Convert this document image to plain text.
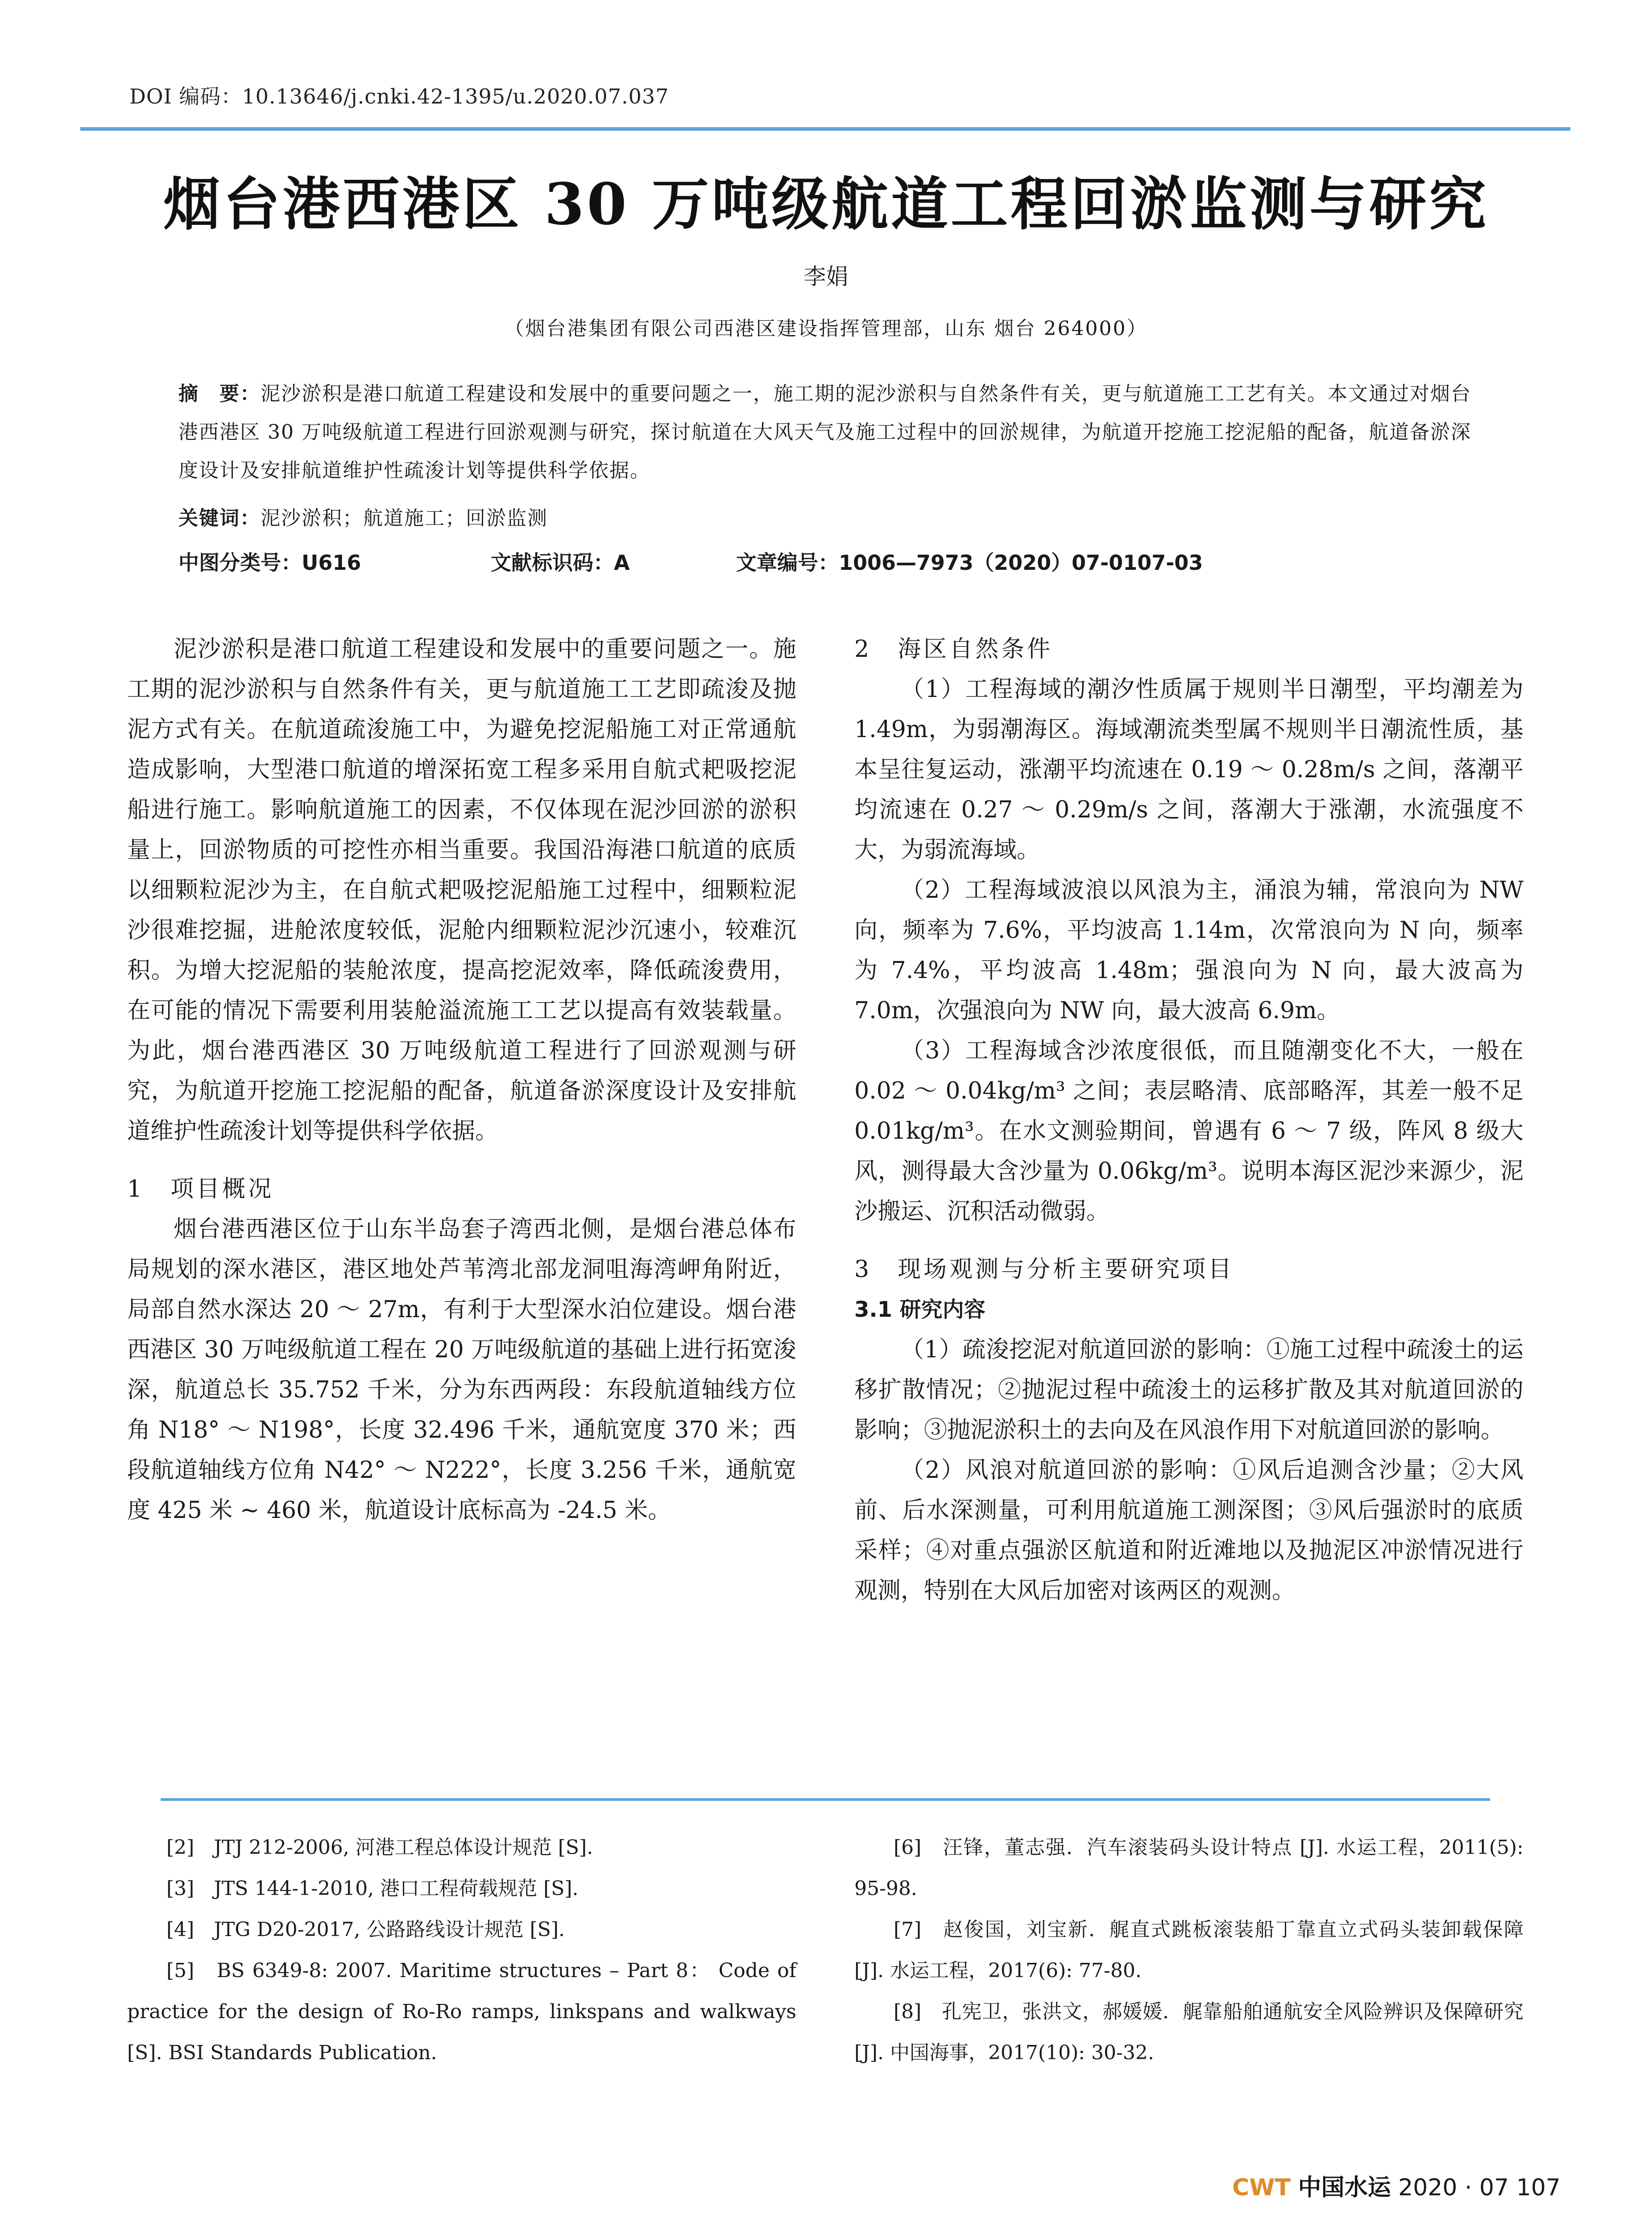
DOI 编码：10.13646/j.cnki.42-1395/u.2020.07.037
烟台港西港区 30 万吨级航道工程回淤监测与研究
李娟
（烟台港集团有限公司西港区建设指挥管理部，山东 烟台 264000）
摘　要：泥沙淤积是港口航道工程建设和发展中的重要问题之一，施工期的泥沙淤积与自然条件有关，更与航道施工工艺有关。本文通过对烟台港西港区 30 万吨级航道工程进行回淤观测与研究，探讨航道在大风天气及施工过程中的回淤规律，为航道开挖施工挖泥船的配备，航道备淤深度设计及安排航道维护性疏浚计划等提供科学依据。
关键词：泥沙淤积；航道施工；回淤监测
中图分类号：U616	文献标识码：A	文章编号：1006—7973（2020）07-0107-03

泥沙淤积是港口航道工程建设和发展中的重要问题之一。施工期的泥沙淤积与自然条件有关，更与航道施工工艺即疏浚及抛泥方式有关。在航道疏浚施工中，为避免挖泥船施工对正常通航造成影响，大型港口航道的增深拓宽工程多采用自航式耙吸挖泥船进行施工。影响航道施工的因素，不仅体现在泥沙回淤的淤积量上，回淤物质的可挖性亦相当重要。我国沿海港口航道的底质以细颗粒泥沙为主，在自航式耙吸挖泥船施工过程中，细颗粒泥沙很难挖掘，进舱浓度较低，泥舱内细颗粒泥沙沉速小，较难沉积。为增大挖泥船的装舱浓度，提高挖泥效率，降低疏浚费用，在可能的情况下需要利用装舱溢流施工工艺以提高有效装载量。为此，烟台港西港区 30 万吨级航道工程进行了回淤观测与研究，为航道开挖施工挖泥船的配备，航道备淤深度设计及安排航道维护性疏浚计划等提供科学依据。

1　项目概况

烟台港西港区位于山东半岛套子湾西北侧，是烟台港总体布局规划的深水港区，港区地处芦苇湾北部龙洞咀海湾岬角附近，局部自然水深达 20 ～ 27m，有利于大型深水泊位建设。烟台港西港区 30 万吨级航道工程在 20 万吨级航道的基础上进行拓宽浚深，航道总长 35.752 千米，分为东西两段：东段航道轴线方位角 N18° ～ N198°，长度 32.496 千米，通航宽度 370 米；西段航道轴线方位角 N42° ～ N222°，长度 3.256 千米，通航宽度 425 米 ~ 460 米，航道设计底标高为 -24.5 米。

2　海区自然条件

（1）工程海域的潮汐性质属于规则半日潮型，平均潮差为 1.49m，为弱潮海区。海域潮流类型属不规则半日潮流性质，基本呈往复运动，涨潮平均流速在 0.19 ～ 0.28m/s 之间，落潮平均流速在 0.27 ～ 0.29m/s 之间，落潮大于涨潮，水流强度不大，为弱流海域。

（2）工程海域波浪以风浪为主，涌浪为辅，常浪向为 NW 向，频率为 7.6%，平均波高 1.14m，次常浪向为 N 向，频率为 7.4%，平均波高 1.48m；强浪向为 N 向，最大波高为 7.0m，次强浪向为 NW 向，最大波高 6.9m。

（3）工程海域含沙浓度很低，而且随潮变化不大，一般在 0.02 ～ 0.04kg/m³ 之间；表层略清、底部略浑，其差一般不足 0.01kg/m³。在水文测验期间，曾遇有 6 ～ 7 级，阵风 8 级大风，测得最大含沙量为 0.06kg/m³。说明本海区泥沙来源少，泥沙搬运、沉积活动微弱。

3　现场观测与分析主要研究项目
3.1 研究内容

（1）疏浚挖泥对航道回淤的影响：①施工过程中疏浚土的运移扩散情况；②抛泥过程中疏浚土的运移扩散及其对航道回淤的影响；③抛泥淤积土的去向及在风浪作用下对航道回淤的影响。

（2）风浪对航道回淤的影响：①风后追测含沙量；②大风前、后水深测量，可利用航道施工测深图；③风后强淤时的底质采样；④对重点强淤区航道和附近滩地以及抛泥区冲淤情况进行观测，特别在大风后加密对该两区的观测。

[2]　JTJ 212-2006, 河港工程总体设计规范 [S].

[3]　JTS 144-1-2010, 港口工程荷载规范 [S].

[4]　JTG D20-2017, 公路路线设计规范 [S].

[5]　BS 6349-8: 2007. Maritime structures – Part 8： Code of practice for the design of Ro-Ro ramps, linkspans and walkways [S]. BSI Standards Publication.

[6]　汪锋，董志强．汽车滚装码头设计特点 [J]. 水运工程，2011(5): 95-98.

[7]　赵俊国，刘宝新．艉直式跳板滚装船丁靠直立式码头装卸载保障 [J]. 水运工程，2017(6): 77-80.

[8]　孔宪卫，张洪文，郝媛媛．艉靠船舶通航安全风险辨识及保障研究 [J]. 中国海事，2017(10): 30-32.

CWT 中国水运 2020 · 07 107
